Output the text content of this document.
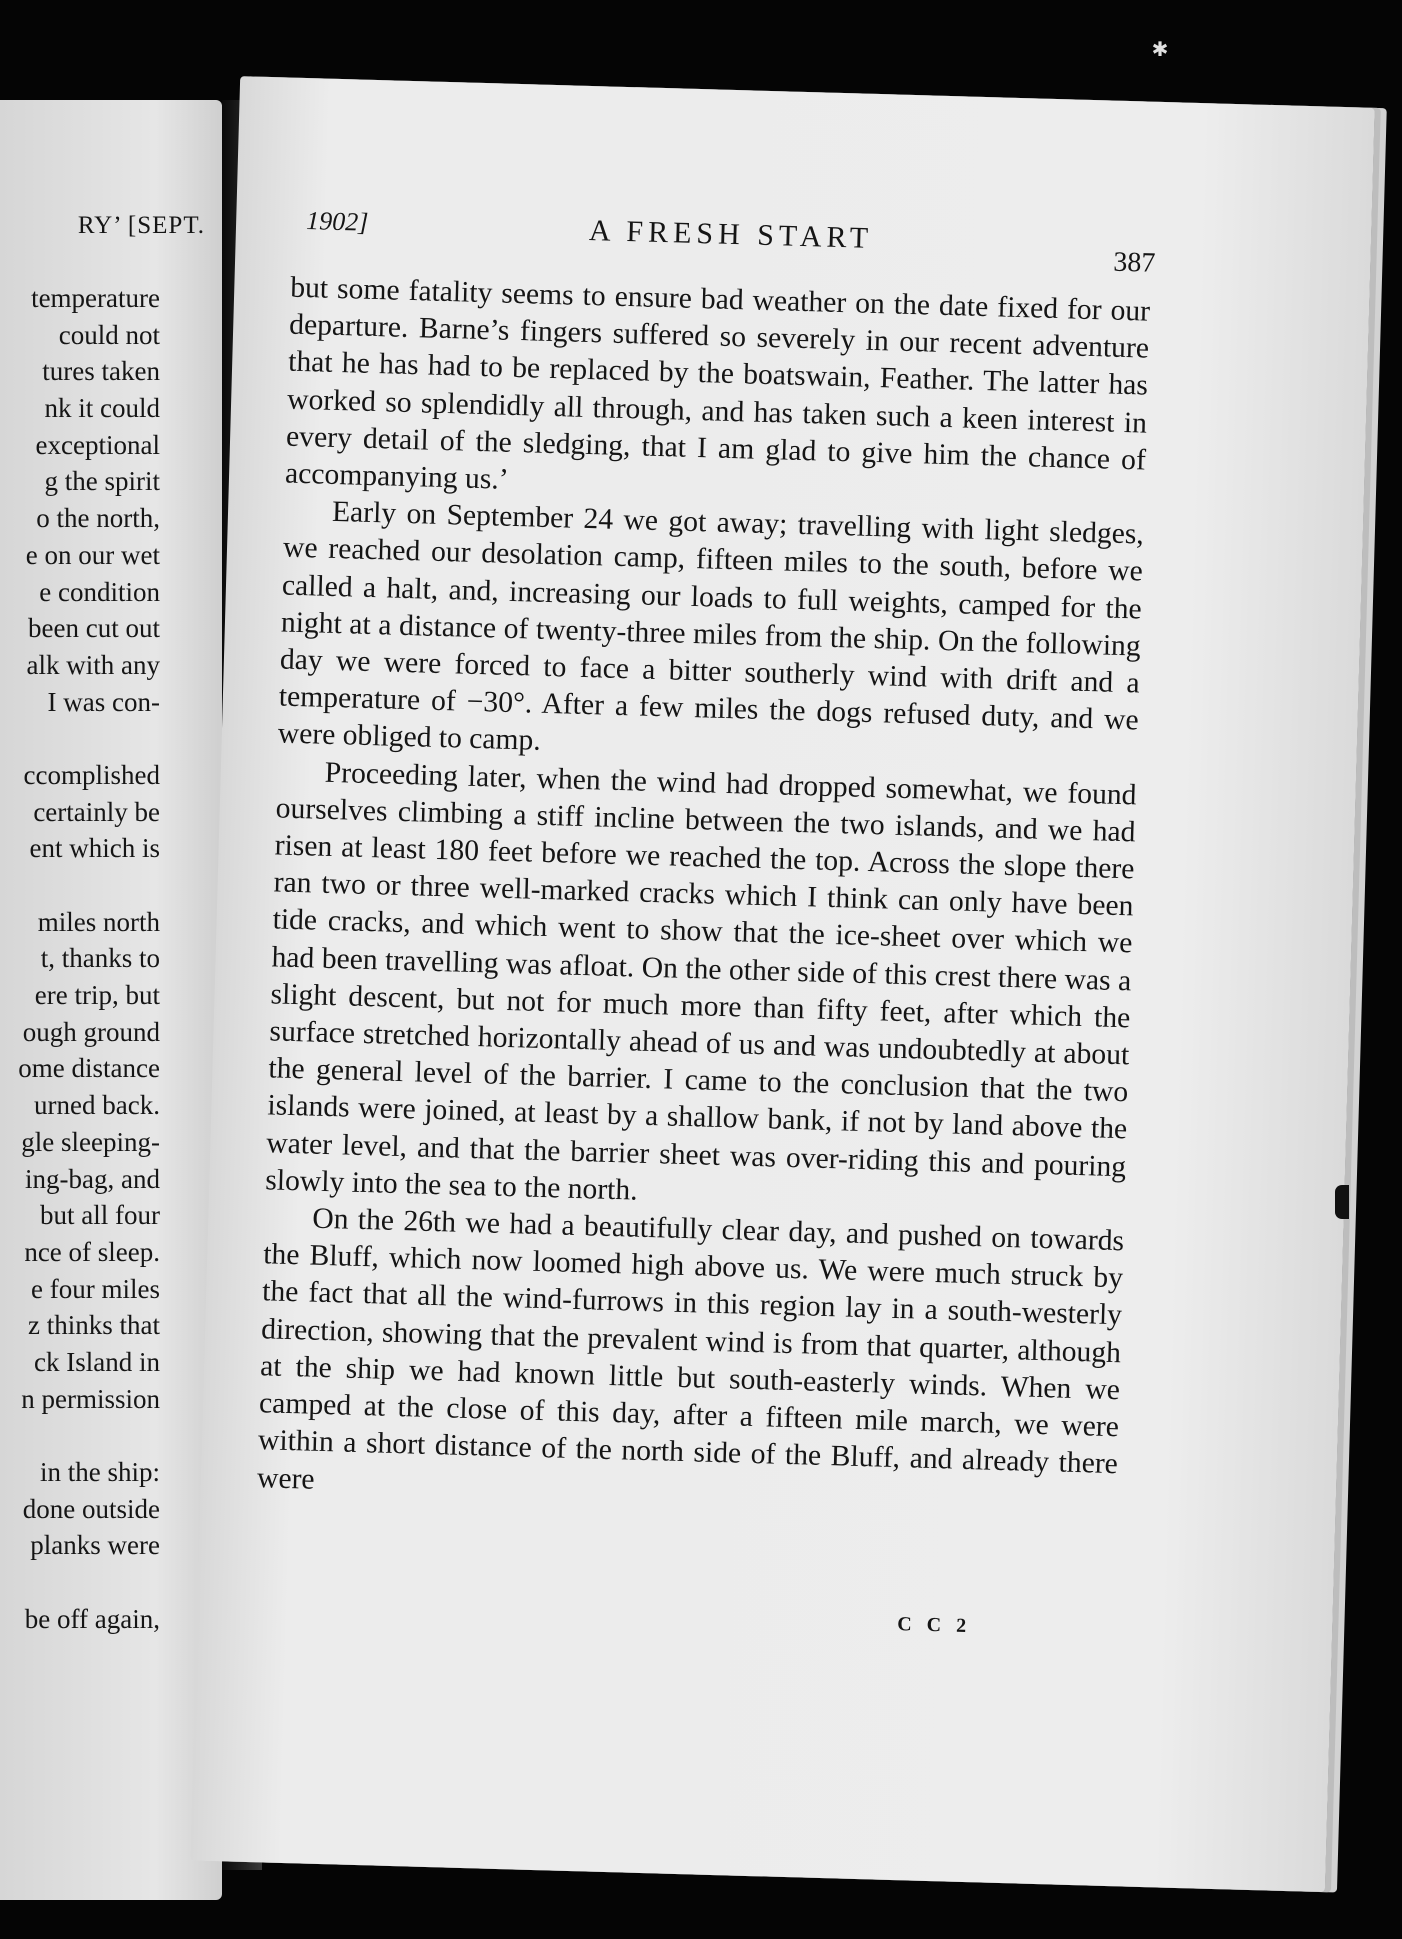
RY’ [SEPT.
temperature
could not
tures taken
nk it could
exceptional
g the spirit
o the north,
e on our wet
e condition
been cut out
alk with any
I was con-
ccomplished
certainly be
ent which is
miles north
t, thanks to
ere trip, but
ough ground
ome distance
urned back.
gle sleeping-
ing-bag, and
but all four
nce of sleep.
e four miles
z thinks that
ck Island in
n permission
in the ship:
done outside
planks were
be off again,
1902]	A FRESH START
387

but some fatality seems to ensure bad weather on the date fixed for our departure. Barne’s fingers suffered so severely in our recent adventure that he has had to be replaced by the boatswain, Feather. The latter has worked so splendidly all through, and has taken such a keen interest in every detail of the sledging, that I am glad to give him the chance of accompanying us.’

Early on September 24 we got away; travelling with light sledges, we reached our desolation camp, fifteen miles to the south, before we called a halt, and, increasing our loads to full weights, camped for the night at a distance of twenty-three miles from the ship. On the following day we were forced to face a bitter southerly wind with drift and a temperature of −30°. After a few miles the dogs refused duty, and we were obliged to camp.

Proceeding later, when the wind had dropped somewhat, we found ourselves climbing a stiff incline between the two islands, and we had risen at least 180 feet before we reached the top. Across the slope there ran two or three well-marked cracks which I think can only have been tide cracks, and which went to show that the ice-sheet over which we had been travelling was afloat. On the other side of this crest there was a slight descent, but not for much more than fifty feet, after which the surface stretched horizontally ahead of us and was undoubtedly at about the general level of the barrier. I came to the conclusion that the two islands were joined, at least by a shallow bank, if not by land above the water level, and that the barrier sheet was over-riding this and pouring slowly into the sea to the north.

On the 26th we had a beautifully clear day, and pushed on towards the Bluff, which now loomed high above us. We were much struck by the fact that all the wind-furrows in this region lay in a south-westerly direction, showing that the prevalent wind is from that quarter, although at the ship we had known little but south-easterly winds. When we camped at the close of this day, after a fifteen mile march, we were within a short distance of the north side of the Bluff, and already there were

C C 2
✱
